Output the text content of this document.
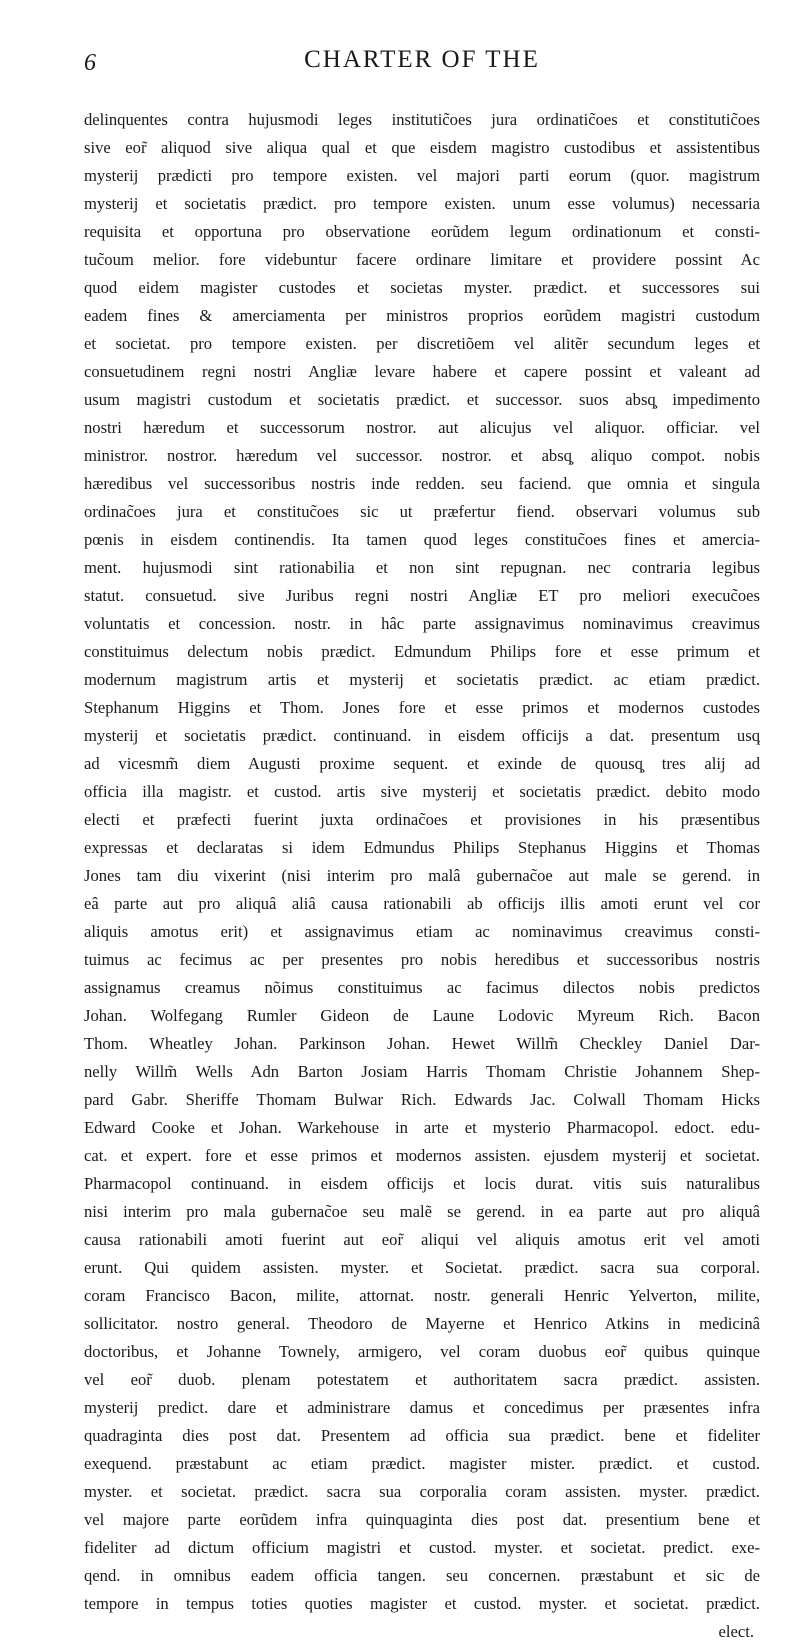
6	CHARTER OF THE
delinquentes contra hujusmodi leges institutic̃oes jura ordinatic̃oes et constitutic̃oes
sive eor̃ aliquod sive aliqua qual et que eisdem magistro custodibus et assistentibus
mysterij prædicti pro tempore existen. vel majori parti eorum (quor. magistrum
mysterij et societatis prædict. pro tempore existen. unum esse volumus) necessaria
requisita et opportuna pro observatione eorũdem legum ordinationum et consti-
tuc̃oum melior. fore videbuntur facere ordinare limitare et providere possint Ac
quod eidem magister custodes et societas myster. prædict. et successores sui
eadem fines & amerciamenta per ministros proprios eorũdem magistri custodum
et societat. pro tempore existen. per discretiõem vel alitẽr secundum leges et
consuetudinem regni nostri Angliæ levare habere et capere possint et valeant ad
usum magistri custodum et societatis prædict. et successor. suos absq̧ impedimento
nostri hæredum et successorum nostror. aut alicujus vel aliquor. officiar. vel
ministror. nostror. hæredum vel successor. nostror. et absq̧ aliquo compot. nobis
hæredibus vel successoribus nostris inde redden. seu faciend. que omnia et singula
ordinac̃oes jura et constituc̃oes sic ut præfertur fiend. observari volumus sub
pœnis in eisdem continendis. Ita tamen quod leges constituc̃oes fines et amercia-
ment. hujusmodi sint rationabilia et non sint repugnan. nec contraria legibus
statut. consuetud. sive Juribus regni nostri Angliæ ET pro meliori execuc̃oes
voluntatis et concession. nostr. in hâc parte assignavimus nominavimus creavimus
constituimus delectum nobis prædict. Edmundum Philips fore et esse primum et
modernum magistrum artis et mysterij et societatis prædict. ac etiam prædict.
Stephanum Higgins et Thom. Jones fore et esse primos et modernos custodes
mysterij et societatis prædict. continuand. in eisdem officijs a dat. presentum usq̧
ad vicesmm̃ diem Augusti proxime sequent. et exinde de quousq̧ tres alij ad
officia illa magistr. et custod. artis sive mysterij et societatis prædict. debito modo
electi et præfecti fuerint juxta ordinac̃oes et provisiones in his præsentibus
expressas et declaratas si idem Edmundus Philips Stephanus Higgins et Thomas
Jones tam diu vixerint (nisi interim pro malâ gubernac̃oe aut male se gerend. in
eâ parte aut pro aliquâ aliâ causa rationabili ab officijs illis amoti erunt vel cor
aliquis amotus erit) et assignavimus etiam ac nominavimus creavimus consti-
tuimus ac fecimus ac per presentes pro nobis heredibus et successoribus nostris
assignamus creamus nõimus constituimus ac facimus dilectos nobis predictos
Johan. Wolfegang Rumler Gideon de Laune Lodovic Myreum Rich. Bacon
Thom. Wheatley Johan. Parkinson Johan. Hewet Willm̃ Checkley Daniel Dar-
nelly Willm̃ Wells Adn Barton Josiam Harris Thomam Christie Johannem Shep-
pard Gabr. Sheriffe Thomam Bulwar Rich. Edwards Jac. Colwall Thomam Hicks
Edward Cooke et Johan. Warkehouse in arte et mysterio Pharmacopol. edoct. edu-
cat. et expert. fore et esse primos et modernos assisten. ejusdem mysterij et societat.
Pharmacopol continuand. in eisdem officijs et locis durat. vitis suis naturalibus
nisi interim pro mala gubernac̃oe seu malẽ se gerend. in ea parte aut pro aliquâ
causa rationabili amoti fuerint aut eor̃ aliqui vel aliquis amotus erit vel amoti
erunt. Qui quidem assisten. myster. et Societat. prædict. sacra sua corporal.
coram Francisco Bacon, milite, attornat. nostr. generali Henric Yelverton, milite,
sollicitator. nostro general. Theodoro de Mayerne et Henrico Atkins in medicinâ
doctoribus, et Johanne Townely, armigero, vel coram duobus eor̃ quibus quinque
vel eor̃ duob. plenam potestatem et authoritatem sacra prædict. assisten.
mysterij predict. dare et administrare damus et concedimus per præsentes infra
quadraginta dies post dat. Presentem ad officia sua prædict. bene et fideliter
exequend. præstabunt ac etiam prædict. magister mister. prædict. et custod.
myster. et societat. prædict. sacra sua corporalia coram assisten. myster. prædict.
vel majore parte eorũdem infra quinquaginta dies post dat. presentium bene et
fideliter ad dictum officium magistri et custod. myster. et societat. predict. exe-
qend. in omnibus eadem officia tangen. seu concernen. præstabunt et sic de
tempore in tempus toties quoties magister et custod. myster. et societat. prædict.
elect.
